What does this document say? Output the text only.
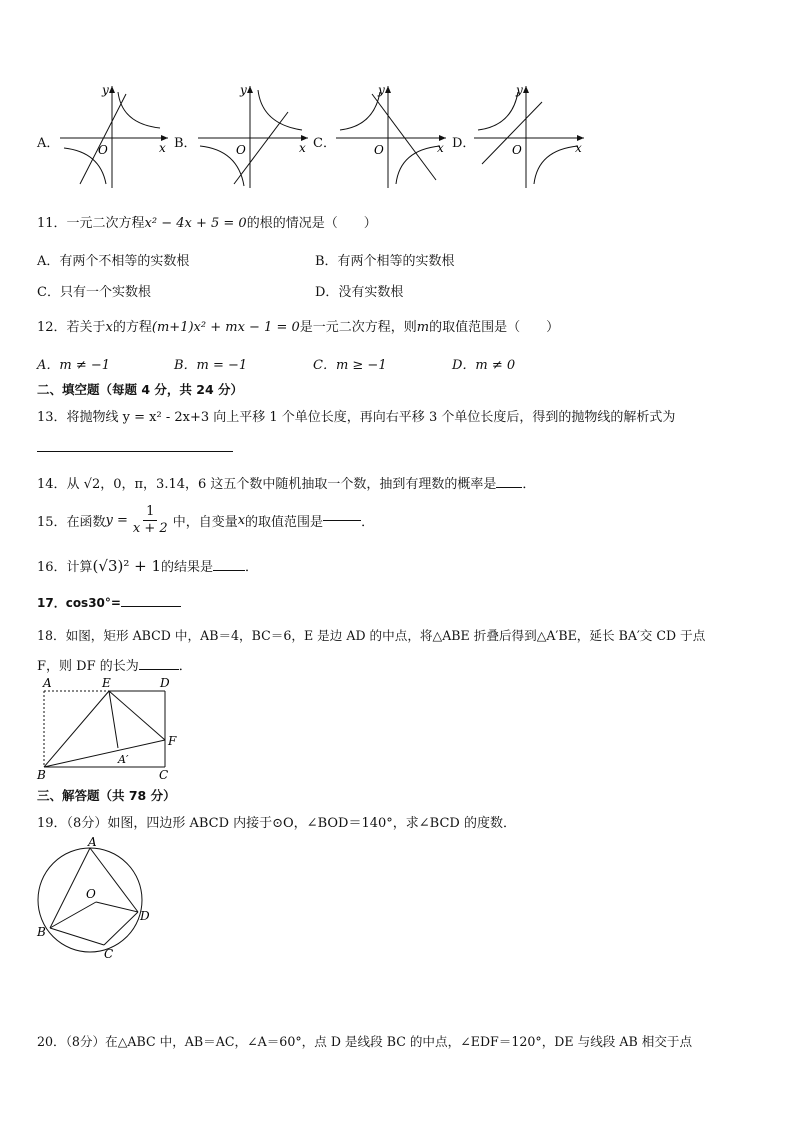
A．
y
x
O	B．
y
x
O	C．
y
x
O	D．
y
x
O
11．一元二次方程x² − 4x + 5 = 0的根的情况是（　　）
A．有两个不相等的实数根	B．有两个相等的实数根
C．只有一个实数根	D．没有实数根
12．若关于x的方程(m+1)x² + mx − 1 = 0是一元二次方程，则m的取值范围是（　　）
A．m ≠ −1	B．m = −1	C．m ≥ −1	D．m ≠ 0
二、填空题（每题 4 分，共 24 分）
13．将抛物线 y = x² - 2x+3 向上平移 1 个单位长度，再向右平移 3 个单位长度后，得到的抛物线的解析式为
14．从 √2，0，π，3.14，6 这五个数中随机抽取一个数，抽到有理数的概率是 ．
15．在函数 $y = \frac{1}{x + 2}$ 中，自变量 x 的取值范围是	．
16．计算(√3)² + 1的结果是 ．
17．cos30°=
18．如图，矩形 ABCD 中，AB＝4，BC＝6，E 是边 AD 的中点，将△ABE 折叠后得到△A′BE，延长 BA′交 CD 于点
F，则 DF 的长为	．
A	E	D
F
B
A′
C
三、解答题（共 78 分）
19．（8分）如图，四边形 ABCD 内接于⊙O，∠BOD＝140°，求∠BCD 的度数．
A
O
B
C
D
20．（8分）在△ABC 中，AB＝AC，∠A＝60°，点 D 是线段 BC 的中点，∠EDF＝120°，DE 与线段 AB 相交于点
